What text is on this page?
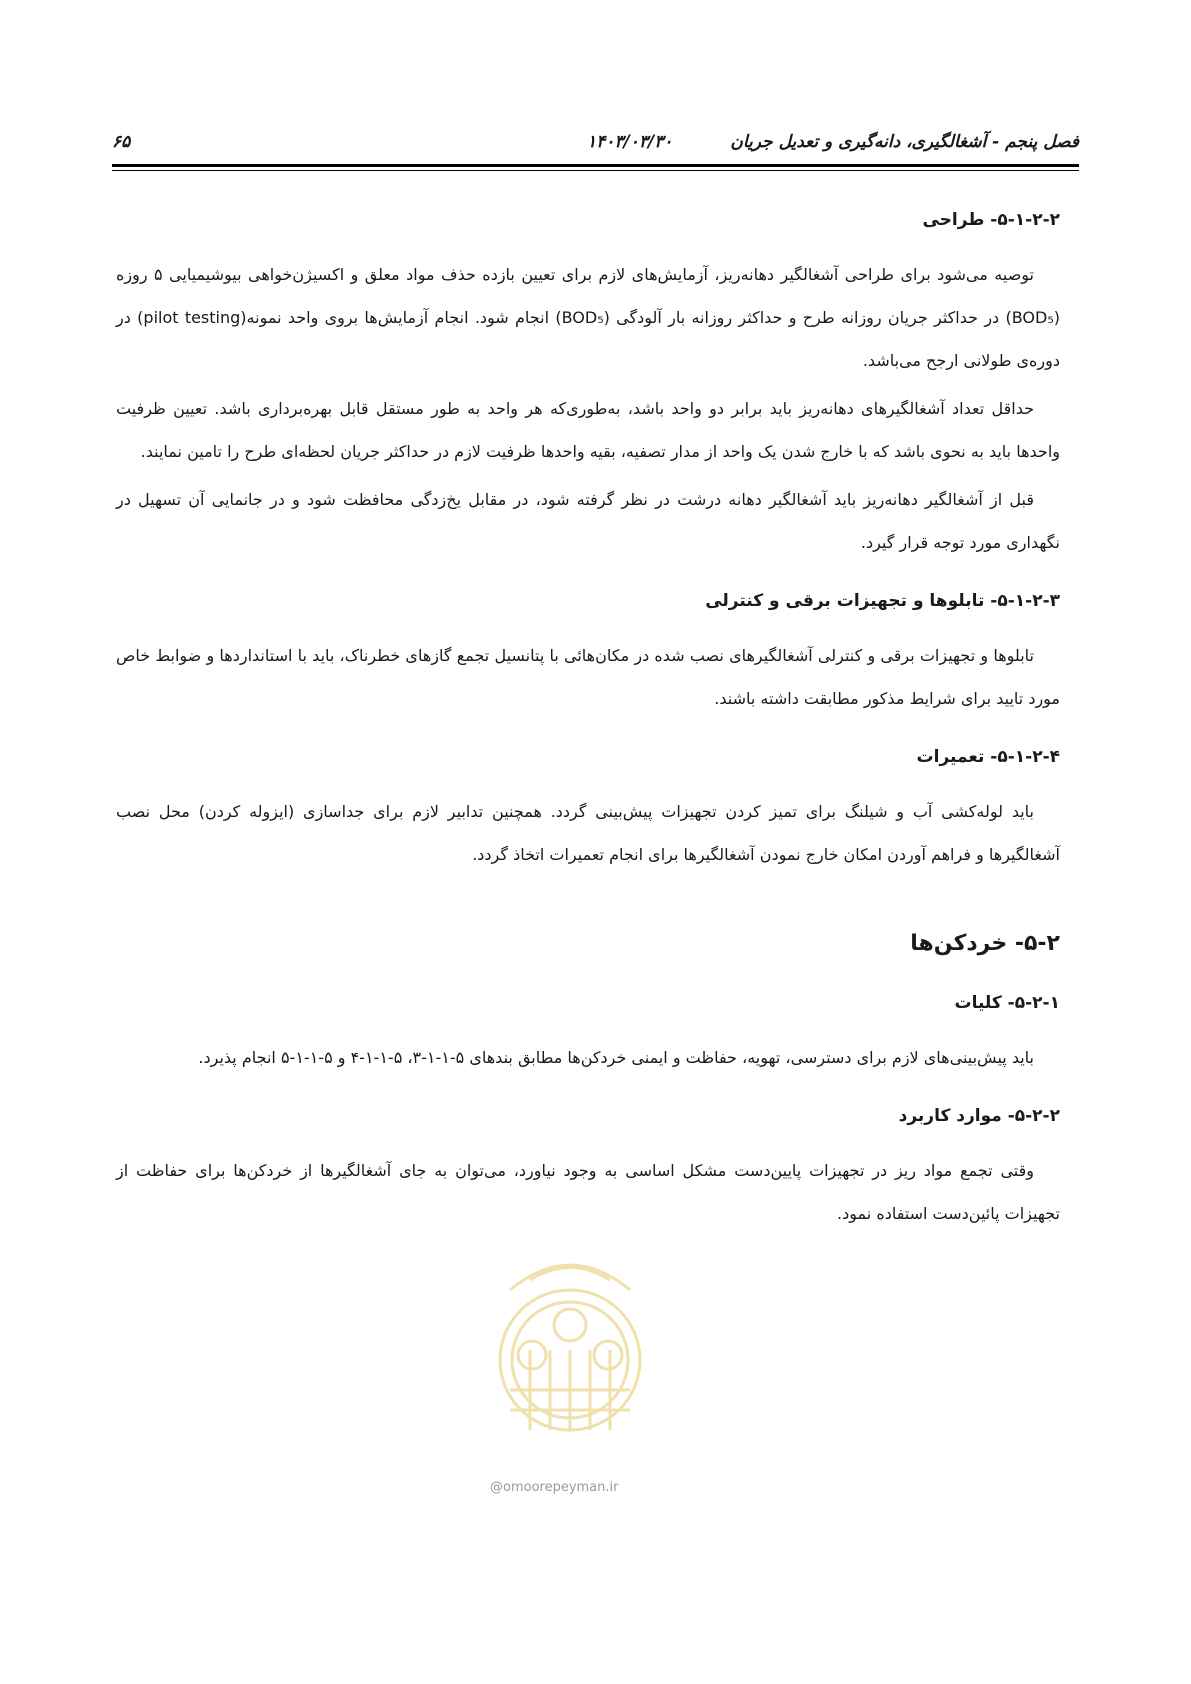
فصل پنجم - آشغالگیری، دانه‌گیری و تعدیل جریان
۱۴۰۳/۰۳/۳۰
۶۵
۵-۱-۲-۲- طراحی

توصیه می‌شود برای طراحی آشغالگیر دهانه‌ریز، آزمایش‌های لازم برای تعیین بازده حذف مواد معلق و اکسیژن‌خواهی بیوشیمیایی ۵ روزه (BOD₅) در حداکثر جریان روزانه طرح و حداکثر روزانه بار آلودگی (BOD₅) انجام شود. انجام آزمایش‌ها بروی واحد نمونه(pilot testing) در دوره‌ی طولانی ارجح می‌باشد.

حداقل تعداد آشغالگیرهای دهانه‌ریز باید برابر دو واحد باشد، به‌طوری‌که هر واحد به طور مستقل قابل بهره‌برداری باشد. تعیین ظرفیت واحدها باید به نحوی باشد که با خارج شدن یک واحد از مدار تصفیه، بقیه واحدها ظرفیت لازم در حداکثر جریان لحظه‌ای طرح را تامین نمایند.

قبل از آشغالگیر دهانه‌ریز باید آشغالگیر دهانه درشت در نظر گرفته شود، در مقابل یخ‌زدگی محافظت شود و در جانمایی آن تسهیل در نگهداری مورد توجه قرار گیرد.

۵-۱-۲-۳- تابلوها و تجهیزات برقی و کنترلی

تابلوها و تجهیزات برقی و کنترلی آشغالگیرهای نصب شده در مکان‌هائی با پتانسیل تجمع گازهای خطرناک، باید با استانداردها و ضوابط خاص مورد تایید برای شرایط مذکور مطابقت داشته باشند.

۵-۱-۲-۴- تعمیرات

باید لوله‌کشی آب و شیلنگ برای تمیز کردن تجهیزات پیش‌بینی گردد. همچنین تدابیر لازم برای جداسازی (ایزوله کردن) محل نصب آشغالگیرها و فراهم آوردن امکان خارج نمودن آشغالگیرها برای انجام تعمیرات اتخاذ گردد.

۵-۲- خردکن‌ها
۵-۲-۱- کلیات

باید پیش‌بینی‌های لازم برای دسترسی، تهویه، حفاظت و ایمنی خردکن‌ها مطابق بندهای ۵-۱-۱-۳، ۵-۱-۱-۴ و ۵-۱-۱-۵ انجام پذیرد.

۵-۲-۲- موارد کاربرد

وقتی تجمع مواد ریز در تجهیزات پایین‌دست مشکل اساسی به وجود نیاورد، می‌توان به جای آشغالگیرها از خردکن‌ها برای حفاظت از تجهیزات پائین‌دست استفاده نمود.

@omoorepeyman.ir
